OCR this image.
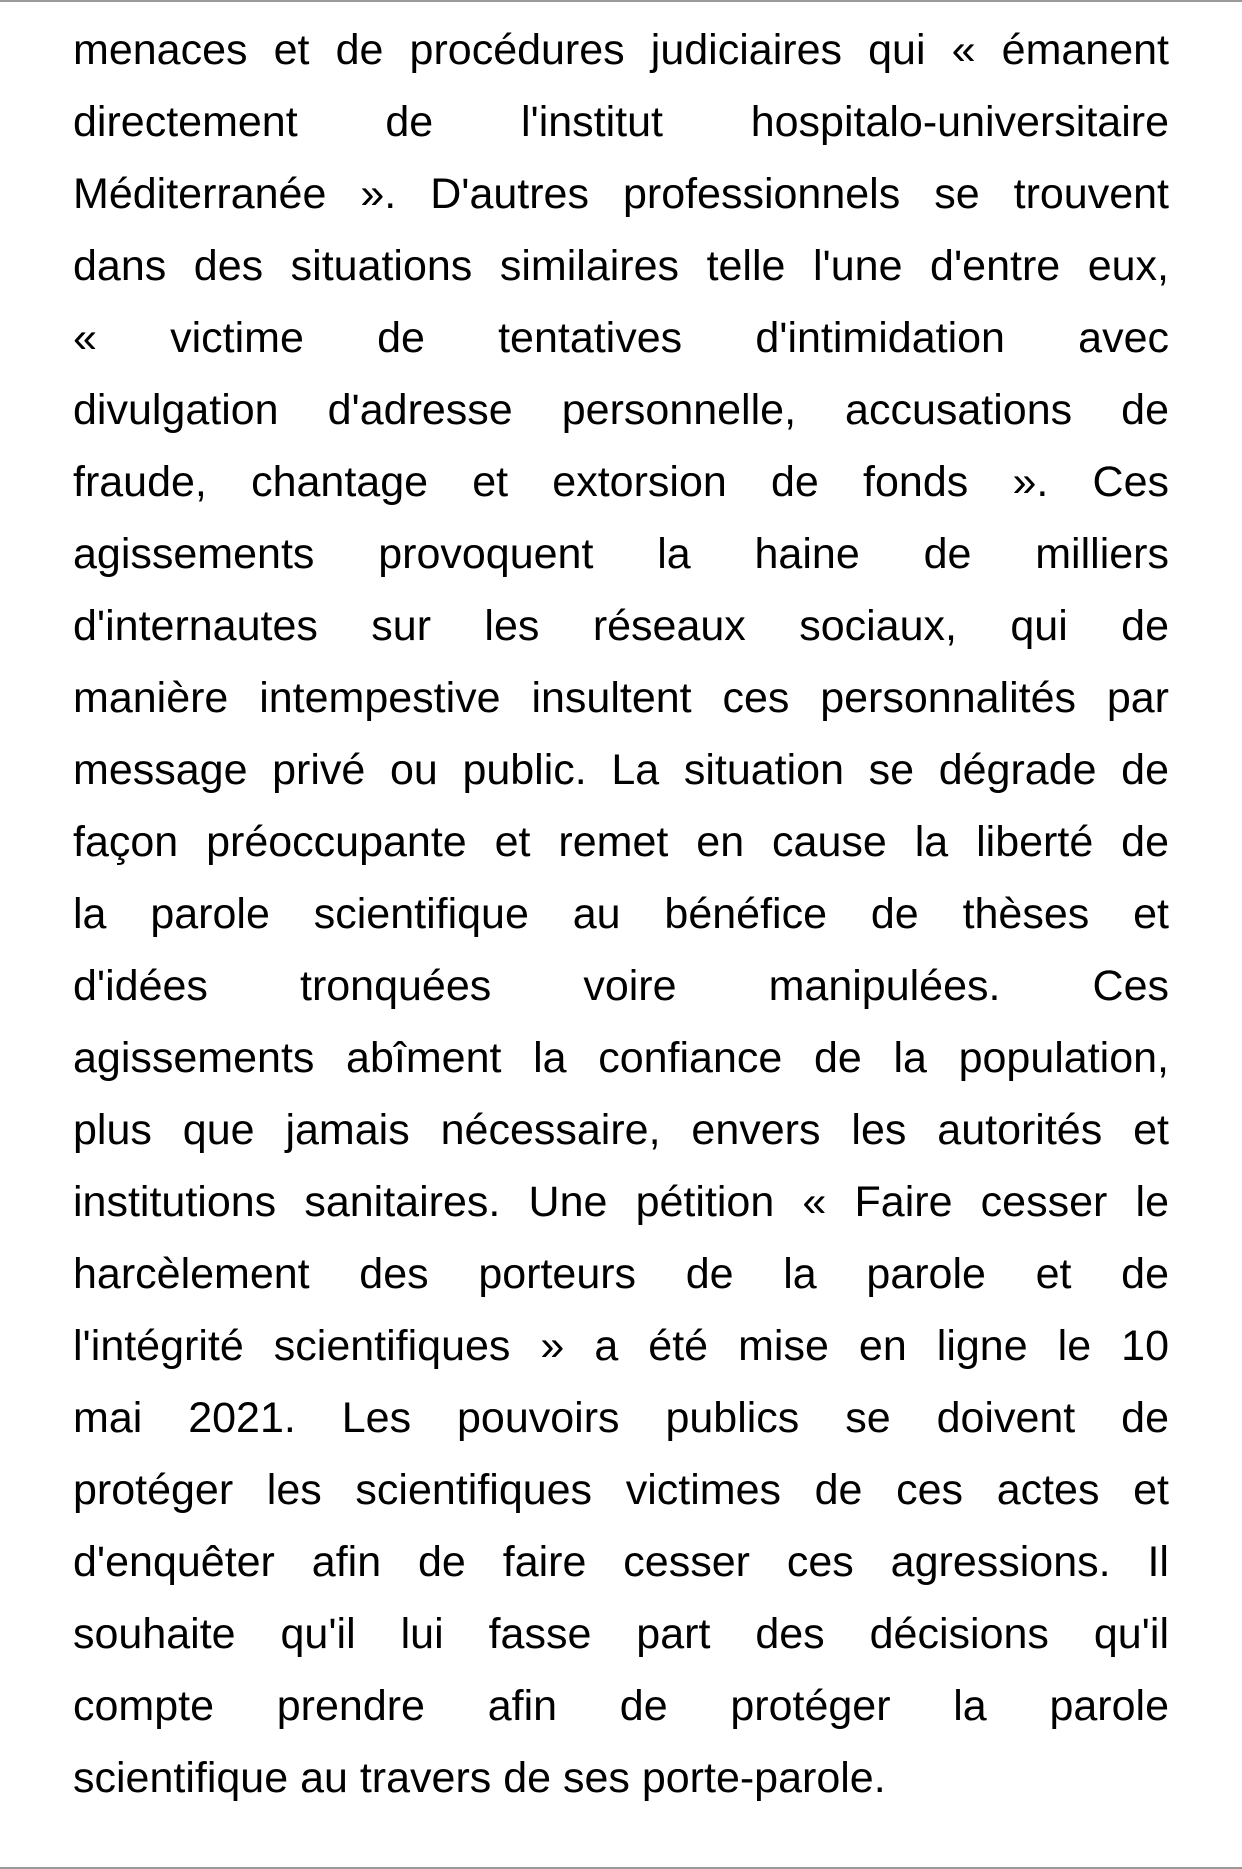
menaces et de procédures judiciaires qui « émanent
directement de l'institut hospitalo-universitaire
Méditerranée ». D'autres professionnels se trouvent
dans des situations similaires telle l'une d'entre eux,
« victime de tentatives d'intimidation avec
divulgation d'adresse personnelle, accusations de
fraude, chantage et extorsion de fonds ». Ces
agissements provoquent la haine de milliers
d'internautes sur les réseaux sociaux, qui de
manière intempestive insultent ces personnalités par
message privé ou public. La situation se dégrade de
façon préoccupante et remet en cause la liberté de
la parole scientifique au bénéfice de thèses et
d'idées tronquées voire manipulées. Ces
agissements abîment la confiance de la population,
plus que jamais nécessaire, envers les autorités et
institutions sanitaires. Une pétition « Faire cesser le
harcèlement des porteurs de la parole et de
l'intégrité scientifiques » a été mise en ligne le 10
mai 2021. Les pouvoirs publics se doivent de
protéger les scientifiques victimes de ces actes et
d'enquêter afin de faire cesser ces agressions. Il
souhaite qu'il lui fasse part des décisions qu'il
compte prendre afin de protéger la parole
scientifique au travers de ses porte-parole.
